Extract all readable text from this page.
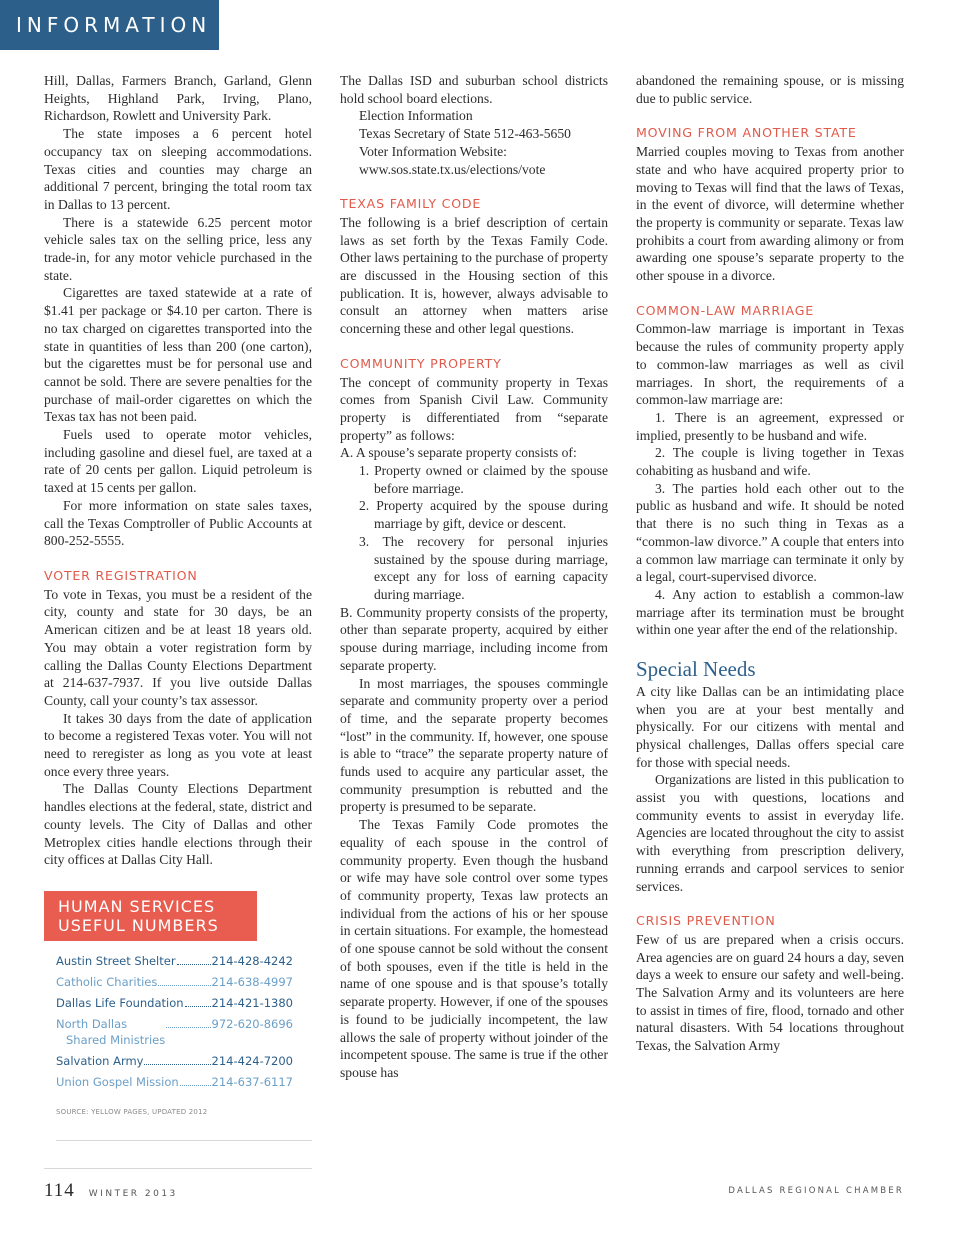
INFORMATION

Hill, Dallas, Farmers Branch, Garland, Glenn Heights, Highland Park, Irving, Plano, Richardson, Rowlett and University Park.

The state imposes a 6 percent hotel occupancy tax on sleeping accommodations. Texas cities and counties may charge an additional 7 percent, bringing the total room tax in Dallas to 13 percent.

There is a statewide 6.25 percent motor vehicle sales tax on the selling price, less any trade-in, for any motor vehicle purchased in the state.

Cigarettes are taxed statewide at a rate of $1.41 per package or $4.10 per carton. There is no tax charged on cigarettes transported into the state in quantities of less than 200 (one carton), but the cigarettes must be for personal use and cannot be sold. There are severe penalties for the purchase of mail-order cigarettes on which the Texas tax has not been paid.

Fuels used to operate motor vehicles, including gasoline and diesel fuel, are taxed at a rate of 20 cents per gallon. Liquid petroleum is taxed at 15 cents per gallon.

For more information on state sales taxes, call the Texas Comptroller of Public Accounts at 800-252-5555.

VOTER REGISTRATION

To vote in Texas, you must be a resident of the city, county and state for 30 days, be an American citizen and be at least 18 years old. You may obtain a voter registration form by calling the Dallas County Elections Department at 214-637-7937. If you live outside Dallas County, call your county’s tax assessor.

It takes 30 days from the date of application to become a registered Texas voter. You will not need to reregister as long as you vote at least once every three years.

The Dallas County Elections Department handles elections at the federal, state, district and county levels. The City of Dallas and other Metroplex cities handle elections through their city offices at Dallas City Hall.

HUMAN SERVICES
USEFUL NUMBERS
Austin Street Shelter	214-428-4242
Catholic Charities	214-638-4997
Dallas Life Foundation 214-421-1380
North Dallas
Shared Ministries
972-620-8696
Salvation Army	214-424-7200
Union Gospel Mission	214-637-6117
SOURCE: YELLOW PAGES, UPDATED 2012

The Dallas ISD and suburban school districts hold school board elections.

Election Information
Texas Secretary of State 512-463-5650
Voter Information Website:
www.sos.state.tx.us/elections/vote
TEXAS FAMILY CODE

The following is a brief description of certain laws as set forth by the Texas Family Code. Other laws pertaining to the purchase of property are discussed in the Housing section of this publication. It is, however, always advisable to consult an attorney when matters arise concerning these and other legal questions.

COMMUNITY PROPERTY

The concept of community property in Texas comes from Spanish Civil Law. Community property is differentiated from “separate property” as follows:

A. A spouse’s separate property consists of:

1. Property owned or claimed by the spouse before marriage.

2. Property acquired by the spouse during marriage by gift, device or descent.

3. The recovery for personal injuries sustained by the spouse during marriage, except any for loss of earning capacity during marriage.

B. Community property consists of the property, other than separate property, acquired by either spouse during marriage, including income from separate property.

In most marriages, the spouses commingle separate and community property over a period of time, and the separate property becomes “lost” in the community. If, however, one spouse is able to “trace” the separate property nature of funds used to acquire any particular asset, the community presumption is rebutted and the property is presumed to be separate.

The Texas Family Code promotes the equality of each spouse in the control of community property. Even though the husband or wife may have sole control over some types of community property, Texas law protects an individual from the actions of his or her spouse in certain situations. For example, the homestead of one spouse cannot be sold without the consent of both spouses, even if the title is held in the name of one spouse and is that spouse’s totally separate property. However, if one of the spouses is found to be judicially incompetent, the law allows the sale of property without joinder of the incompetent spouse. The same is true if the other spouse has

abandoned the remaining spouse, or is missing due to public service.

MOVING FROM ANOTHER STATE

Married couples moving to Texas from another state and who have acquired property prior to moving to Texas will find that the laws of Texas, in the event of divorce, will determine whether the property is community or separate. Texas law prohibits a court from awarding alimony or from awarding one spouse’s separate property to the other spouse in a divorce.

COMMON-LAW MARRIAGE

Common-law marriage is important in Texas because the rules of community property apply to common-law marriages as well as civil marriages. In short, the requirements of a common-law marriage are:

1. There is an agreement, expressed or implied, presently to be husband and wife.

2. The couple is living together in Texas cohabiting as husband and wife.

3. The parties hold each other out to the public as husband and wife. It should be noted that there is no such thing in Texas as a “common-law divorce.” A couple that enters into a common law marriage can terminate it only by a legal, court-supervised divorce.

4. Any action to establish a common-law marriage after its termination must be brought within one year after the end of the relationship.

Special Needs

A city like Dallas can be an intimidating place when you are at your best mentally and physically. For our citizens with mental and physical challenges, Dallas offers special care for those with special needs.

Organizations are listed in this publication to assist you with questions, locations and community events to assist in everyday life. Agencies are located throughout the city to assist with everything from prescription delivery, running errands and carpool services to senior services.

CRISIS PREVENTION

Few of us are prepared when a crisis occurs. Area agencies are on guard 24 hours a day, seven days a week to ensure our safety and well-being. The Salvation Army and its volunteers are here to assist in times of fire, flood, tornado and other natural disasters. With 54 locations throughout Texas, the Salvation Army

114 WINTER 2013	DALLAS REGIONAL CHAMBER
